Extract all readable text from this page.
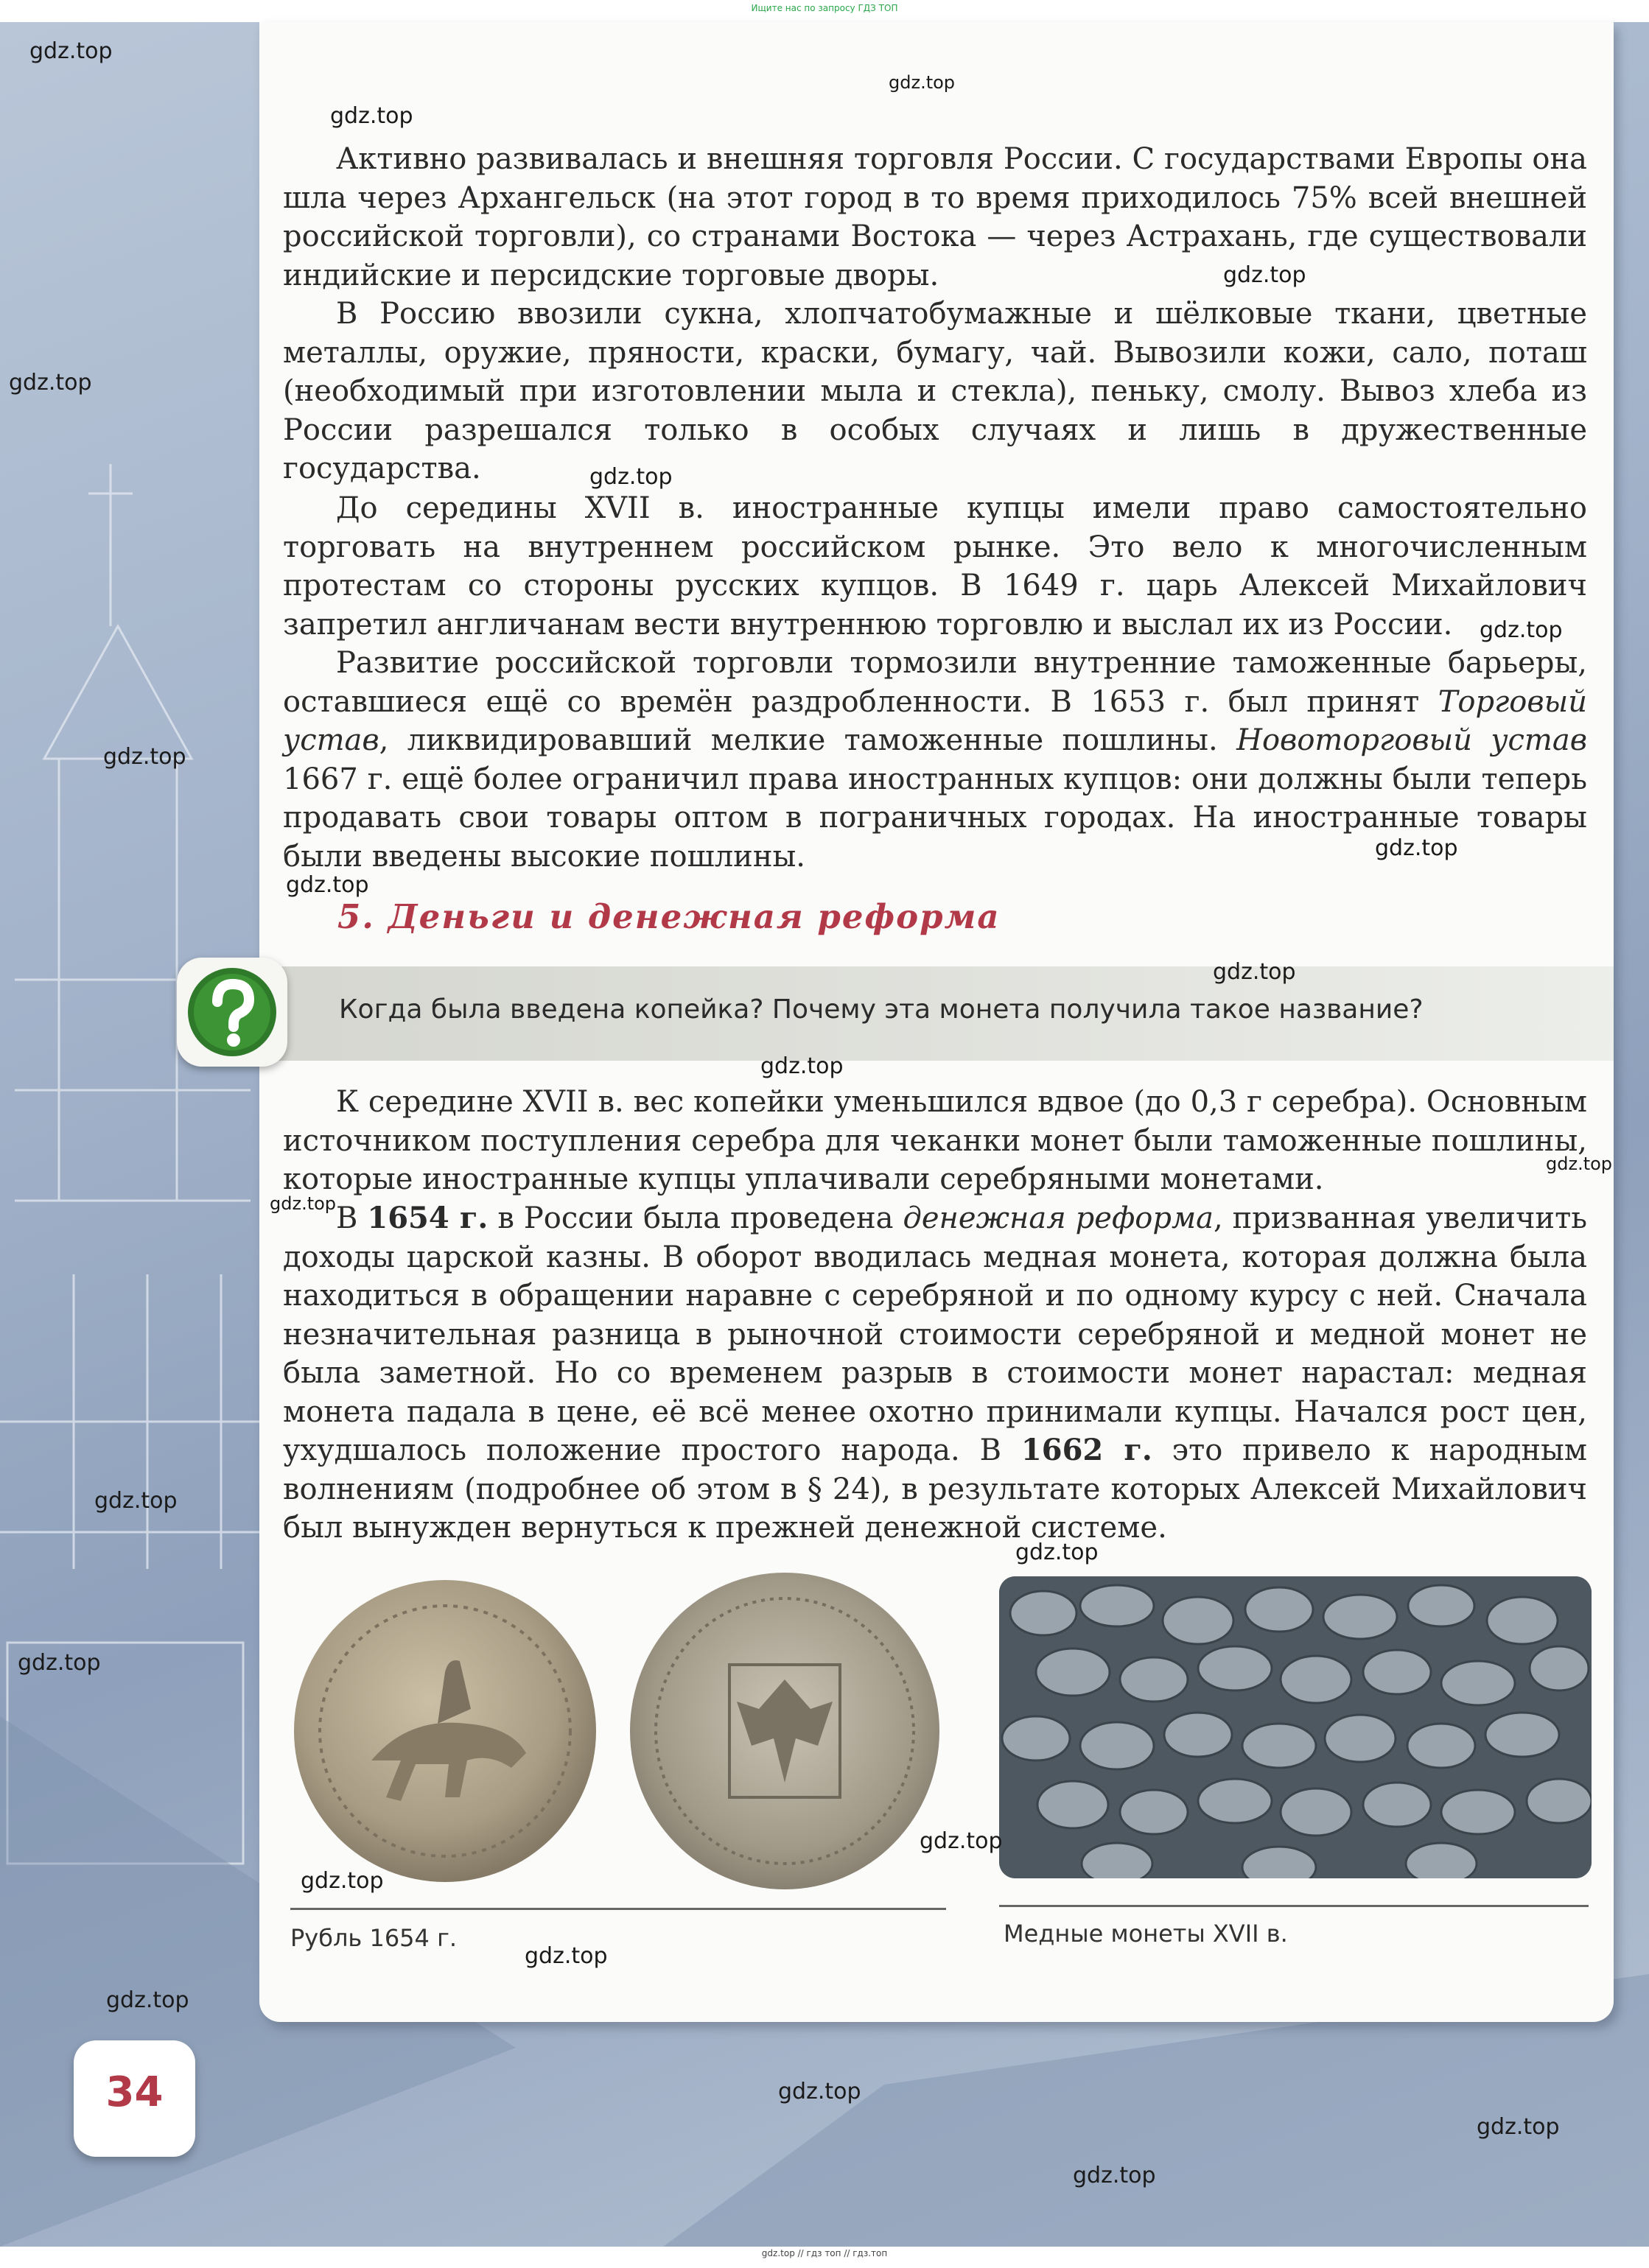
Ищите нас по запросу ГДЗ ТОП

Активно развивалась и внешняя торговля России. С государствами Европы она шла через Архангельск (на этот город в то время приходилось 75% всей внешней российской торговли), со странами Востока — через Астрахань, где существовали индийские и персидские торговые дворы.

В Россию ввозили сукна, хлопчатобумажные и шёлковые ткани, цветные металлы, оружие, пряности, краски, бумагу, чай. Вывозили кожи, сало, поташ (необходимый при изготовлении мыла и стекла), пеньку, смолу. Вывоз хлеба из России разрешался только в особых случаях и лишь в дружественные государства.

До середины XVII в. иностранные купцы имели право самостоятельно торговать на внутреннем российском рынке. Это вело к многочисленным протестам со стороны русских купцов. В 1649 г. царь Алексей Михайлович запретил англичанам вести внутреннюю торговлю и выслал их из России.

Развитие российской торговли тормозили внутренние таможенные барьеры, оставшиеся ещё со времён раздробленности. В 1653 г. был принят Торговый устав, ликвидировавший мелкие таможенные пошлины. Новоторговый устав 1667 г. ещё более ограничил права иностранных купцов: они должны были теперь продавать свои товары оптом в пограничных городах. На иностранные товары были введены высокие пошлины.

5. Деньги и денежная реформа
Когда была введена копейка? Почему эта монета получила такое название?

К середине XVII в. вес копейки уменьшился вдвое (до 0,3 г серебра). Основным источником поступления серебра для чеканки монет были таможенные пошлины, которые иностранные купцы уплачивали серебряными монетами.

В 1654 г. в России была проведена денежная реформа, призванная увеличить доходы царской казны. В оборот вводилась медная монета, которая должна была находиться в обращении наравне с серебряной и по одному курсу с ней. Сначала незначительная разница в рыночной стоимости серебряной и медной монет не была заметной. Но со временем разрыв в стоимости монет нарастал: медная монета падала в цене, её всё менее охотно принимали купцы. Начался рост цен, ухудшалось положение простого народа. В 1662 г. это привело к народным волнениям (подробнее об этом в § 24), в результате которых Алексей Михайлович был вынужден вернуться к прежней денежной системе.

Рубль 1654 г.	Медные монеты XVII в.
34
gdz.top
gdz.top
gdz.top
gdz.top
gdz.top
gdz.top
gdz.top
gdz.top
gdz.top
gdz.top
gdz.top
gdz.top
gdz.top
gdz.top
gdz.top
gdz.top
gdz.top
gdz.top
gdz.top
gdz.top
gdz.top
gdz.top
gdz.top
gdz.top
gdz.top // гдз топ // гдз.топ
